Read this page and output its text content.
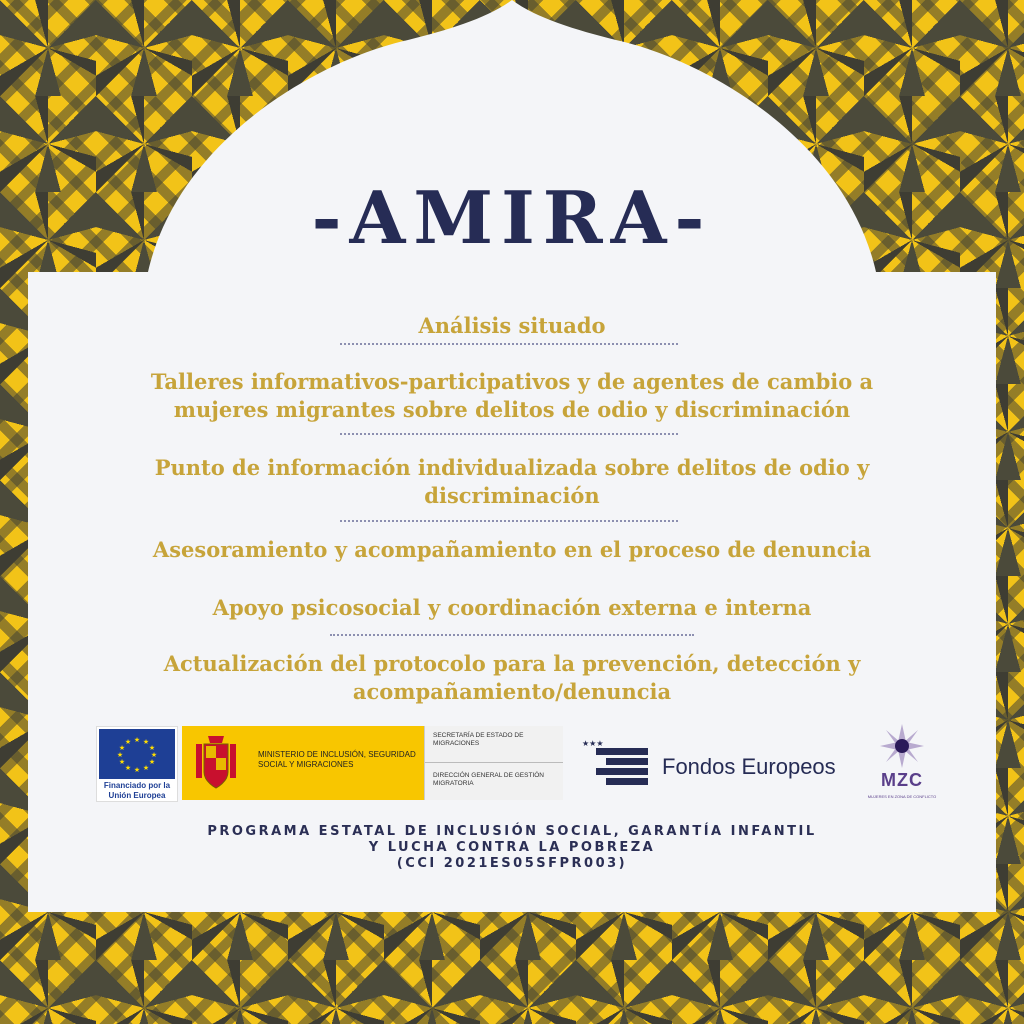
-AMIRA-
Análisis situado
Talleres informativos-participativos y de agentes de cambio a mujeres migrantes sobre delitos de odio y discriminación
Punto de información individualizada sobre delitos de odio y discriminación
Asesoramiento y acompañamiento en el proceso de denuncia
Apoyo psicosocial y coordinación externa e interna
Actualización del protocolo para la prevención, detección y acompañamiento/denuncia
★ ★
★
★
★
★
★
★
★
★
★
★
Financiado por la Unión Europea
MINISTERIO DE INCLUSIÓN, SEGURIDAD SOCIAL Y MIGRACIONES
SECRETARÍA DE ESTADO DE MIGRACIONES
DIRECCIÓN GENERAL DE GESTIÓN MIGRATORIA
★★★
Fondos Europeos
MZC
MUJERES EN ZONA DE CONFLICTO
PROGRAMA ESTATAL DE INCLUSIÓN SOCIAL, GARANTÍA INFANTIL
Y LUCHA CONTRA LA POBREZA
(CCI 2021ES05SFPR003)
